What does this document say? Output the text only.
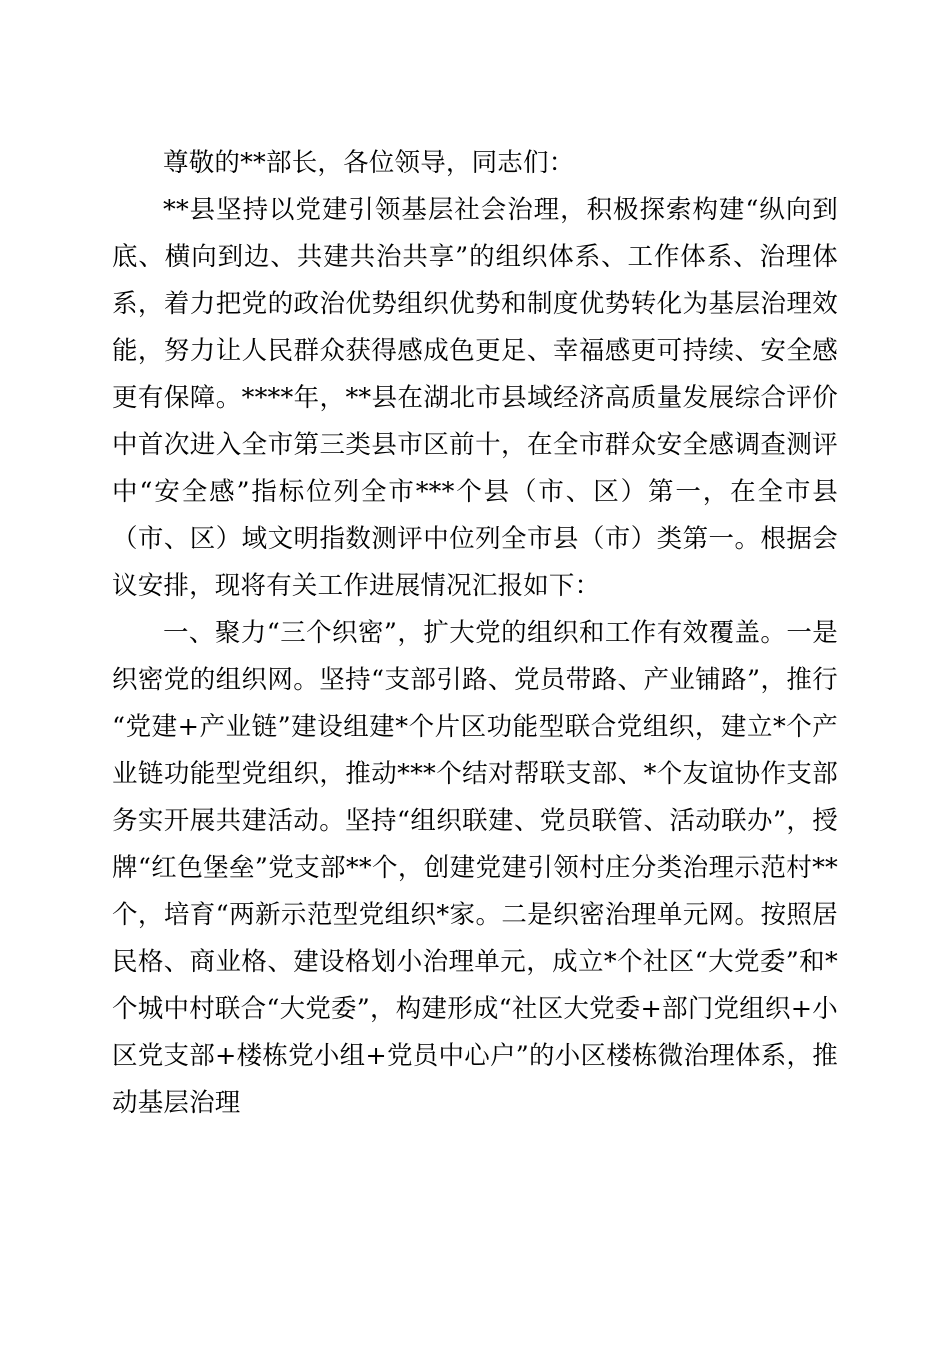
尊敬的**部长，各位领导，同志们：

**县坚持以党建引领基层社会治理，积极探索构建“纵向到底、横向到边、共建共治共享”的组织体系、工作体系、治理体系，着力把党的政治优势组织优势和制度优势转化为基层治理效能，努力让人民群众获得感成色更足、幸福感更可持续、安全感更有保障。****年，**县在湖北市县域经济高质量发展综合评价中首次进入全市第三类县市区前十，在全市群众安全感调查测评中“安全感”指标位列全市***个县（市、区）第一，在全市县（市、区）域文明指数测评中位列全市县（市）类第一。根据会议安排，现将有关工作进展情况汇报如下：

一、聚力“三个织密”，扩大党的组织和工作有效覆盖。一是织密党的组织网。坚持“支部引路、党员带路、产业铺路”，推行“党建+产业链”建设组建*个片区功能型联合党组织，建立*个产业链功能型党组织，推动***个结对帮联支部、*个友谊协作支部务实开展共建活动。坚持“组织联建、党员联管、活动联办”，授牌“红色堡垒”党支部**个，创建党建引领村庄分类治理示范村**个，培育“两新示范型党组织*家。二是织密治理单元网。按照居民格、商业格、建设格划小治理单元，成立*个社区“大党委”和*个城中村联合“大党委”，构建形成“社区大党委+部门党组织+小区党支部+楼栋党小组+党员中心户”的小区楼栋微治理体系，推动基层治理
